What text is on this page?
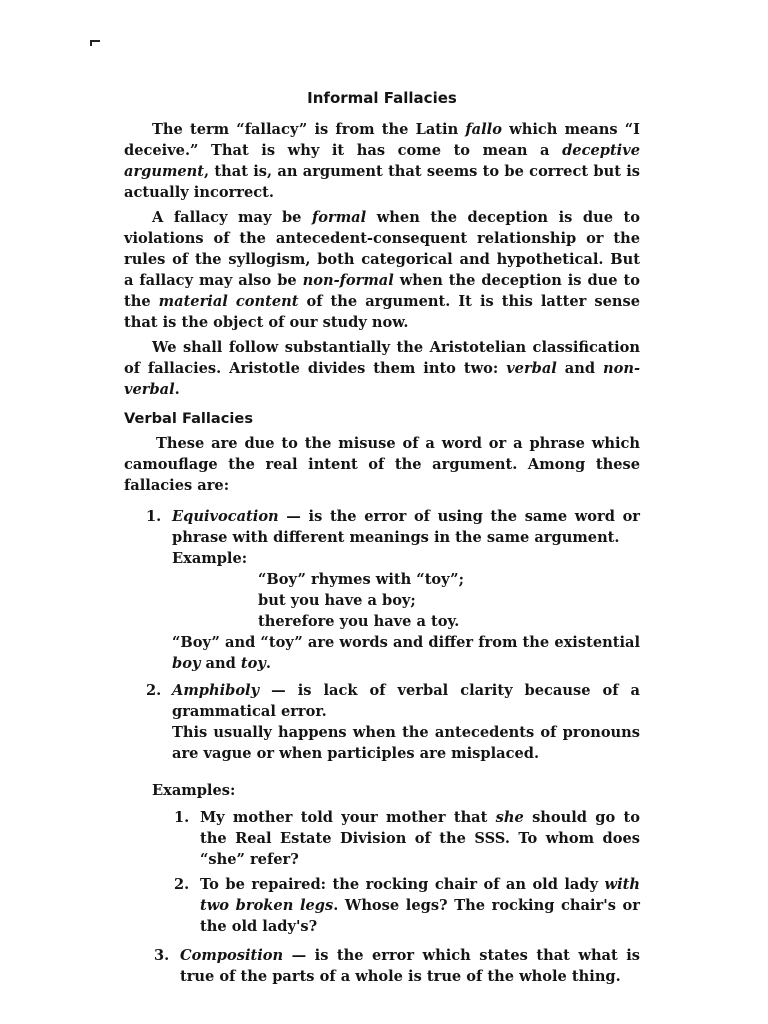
Informal Fallacies

The term “fallacy” is from the Latin fallo which means “I deceive.” That is why it has come to mean a deceptive argument, that is, an argument that seems to be correct but is actually incorrect.

A fallacy may be formal when the deception is due to violations of the antecedent-consequent relationship or the rules of the syllogism, both categorical and hypothetical. But a fallacy may also be non-formal when the deception is due to the material content of the argument. It is this latter sense that is the object of our study now.

We shall follow substantially the Aristotelian classification of fallacies. Aristotle divides them into two: verbal and non-verbal.

Verbal Fallacies

These are due to the misuse of a word or a phrase which camouflage the real intent of the argument. Among these fallacies are:

1. Equivocation — is the error of using the same word or phrase with different meanings in the same argument.

Example:

“Boy” rhymes with “toy”;
but you have a boy;
therefore you have a toy.

“Boy” and “toy” are words and differ from the existential boy and toy.

2. Amphiboly — is lack of verbal clarity because of a grammatical error.

This usually happens when the antecedents of pronouns are vague or when participles are misplaced.

Examples:

1. My mother told your mother that she should go to the Real Estate Division of the SSS. To whom does “she” refer?

2. To be repaired: the rocking chair of an old lady with two broken legs. Whose legs? The rocking chair's or the old lady's?

3. Composition — is the error which states that what is true of the parts of a whole is true of the whole thing.
